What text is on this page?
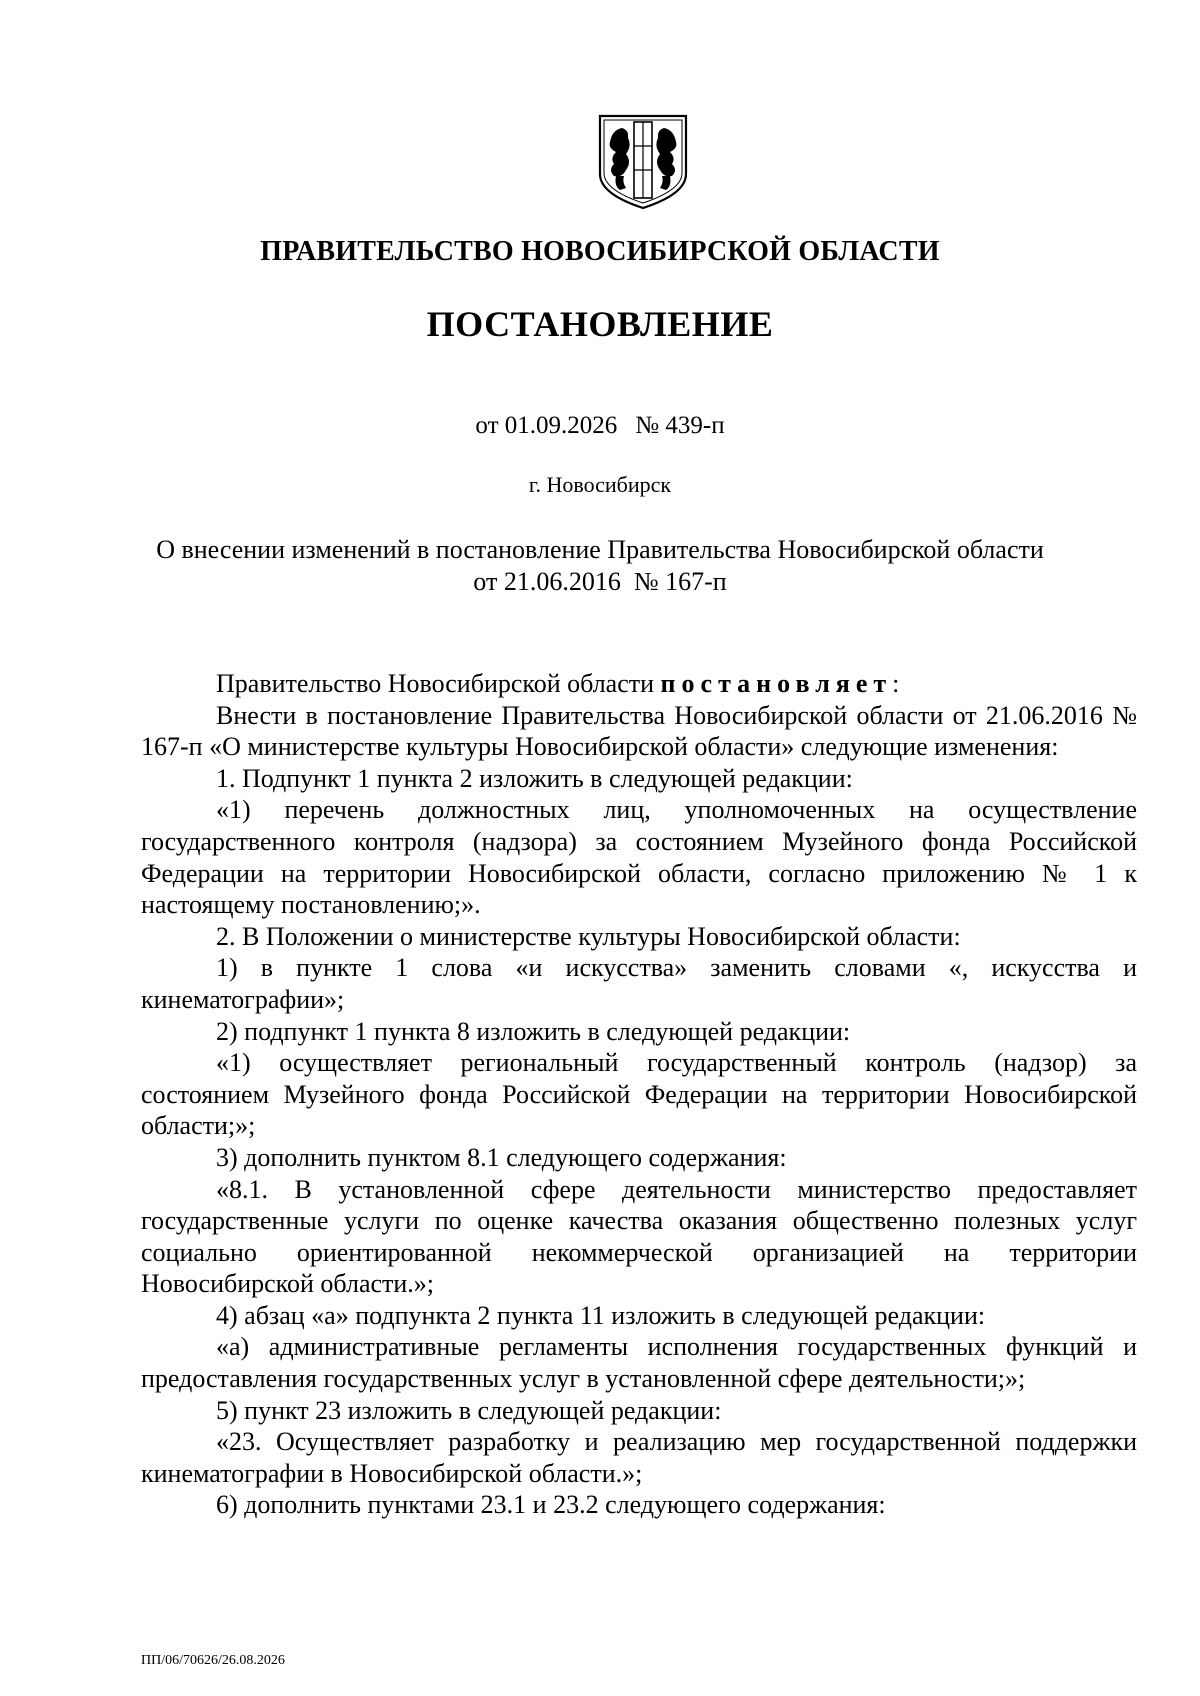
ПРАВИТЕЛЬСТВО НОВОСИБИРСКОЙ ОБЛАСТИ
ПОСТАНОВЛЕНИЕ
от 01.09.2026 № 439-п
г. Новосибирск
О внесении изменений в постановление Правительства Новосибирской области
от 21.06.2016  № 167-п

Правительство Новосибирской области постановляет:

Внести в постановление Правительства Новосибирской области от 21.06.2016 № 167-п «О министерстве культуры Новосибирской области» следующие изменения:

1. Подпункт 1 пункта 2 изложить в следующей редакции:

«1) перечень должностных лиц, уполномоченных на осуществление государственного контроля (надзора) за состоянием Музейного фонда Российской Федерации на территории Новосибирской области, согласно приложению № 1 к настоящему постановлению;».

2. В Положении о министерстве культуры Новосибирской области:

1) в пункте 1 слова «и искусства» заменить словами «, искусства и кинематографии»;

2) подпункт 1 пункта 8 изложить в следующей редакции:

«1) осуществляет региональный государственный контроль (надзор) за состоянием Музейного фонда Российской Федерации на территории Новосибирской области;»;

3) дополнить пунктом 8.1 следующего содержания:

«8.1. В установленной сфере деятельности министерство предоставляет государственные услуги по оценке качества оказания общественно полезных услуг социально ориентированной некоммерческой организацией на территории Новосибирской области.»;

4) абзац «а» подпункта 2 пункта 11 изложить в следующей редакции:

«а) административные регламенты исполнения государственных функций и предоставления государственных услуг в установленной сфере деятельности;»;

5) пункт 23 изложить в следующей редакции:

«23. Осуществляет разработку и реализацию мер государственной поддержки кинематографии в Новосибирской области.»;

6) дополнить пунктами 23.1 и 23.2 следующего содержания:

ПП/06/70626/26.08.2026
